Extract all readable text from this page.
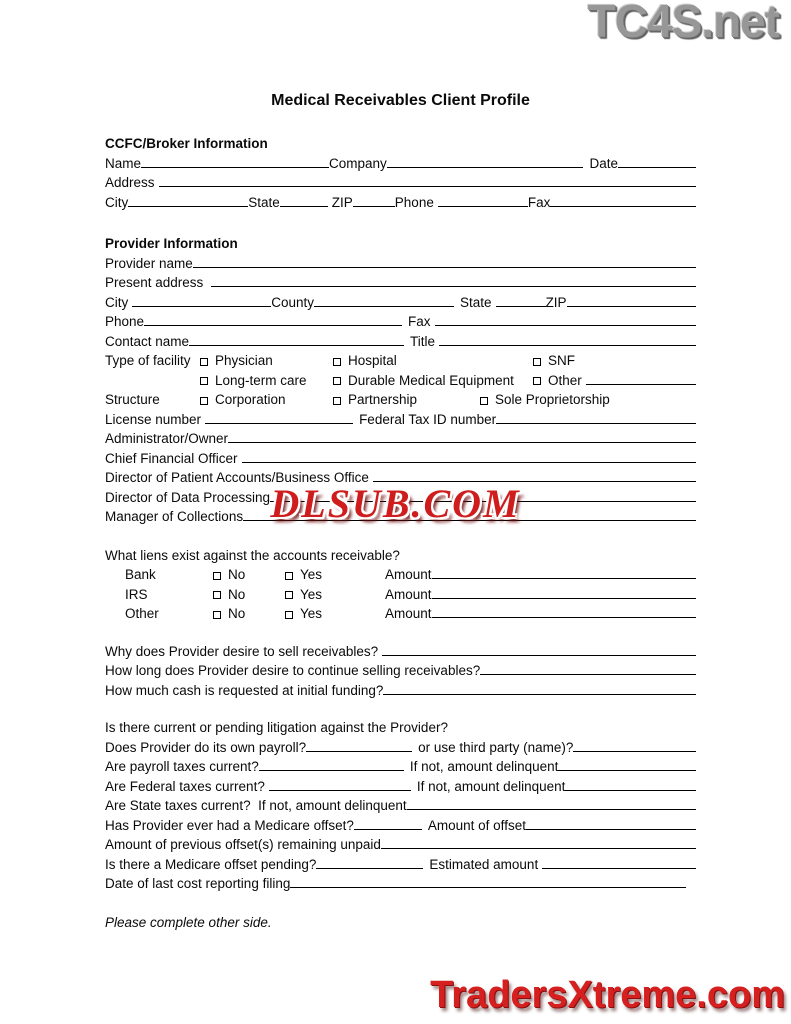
TC4S.net
DLSUB.COM
TradersXtreme.com
Medical Receivables Client Profile
CCFC/Broker Information
Name	Company	Date
Address
City	State	ZIP	Phone	Fax
Provider Information
Provider name
Present address
City	County	State	ZIP
Phone	Fax
Contact name	Title
Type of facility	Physician	Hospital	SNF
Long-term care	Durable Medical Equipment	Other
Structure	Corporation	Partnership	Sole Proprietorship
License number	Federal Tax ID number
Administrator/Owner
Chief Financial Officer
Director of Patient Accounts/Business Office
Director of Data Processing
Manager of Collections
What liens exist against the accounts receivable?
Bank	No	Yes	Amount
IRS	No	Yes	Amount
Other	No	Yes	Amount
Why does Provider desire to sell receivables?
How long does Provider desire to continue selling receivables?
How much cash is requested at initial funding?
Is there current or pending litigation against the Provider?
Does Provider do its own payroll?	or use third party (name)?
Are payroll taxes current?	If not, amount delinquent
Are Federal taxes current?	If not, amount delinquent
Are State taxes current?  If not, amount delinquent
Has Provider ever had a Medicare offset?	Amount of offset
Amount of previous offset(s) remaining unpaid
Is there a Medicare offset pending?	Estimated amount
Date of last cost reporting filing
Please complete other side.
